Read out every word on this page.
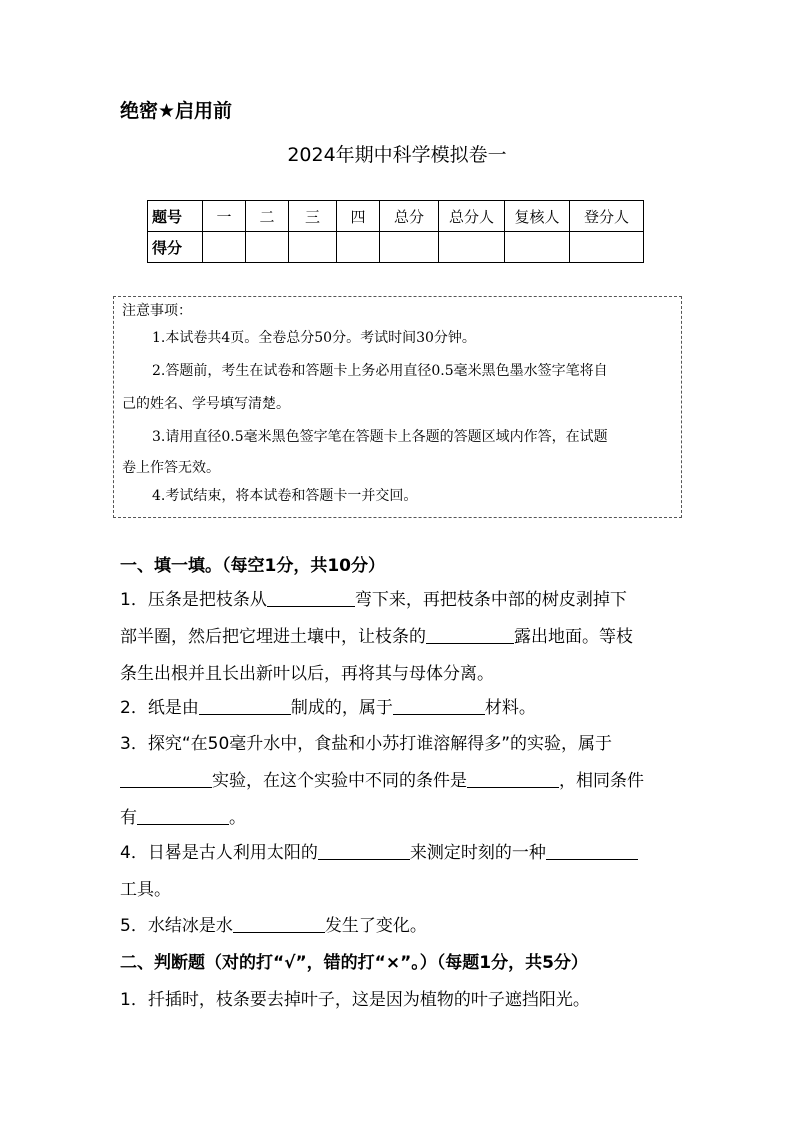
绝密★启用前
2024年期中科学模拟卷一
题号	一	二	三	四	总分	总分人	复核人	登分人
得分								
注意事项：
1.本试卷共4页。全卷总分50分。考试时间30分钟。
2.答题前，考生在试卷和答题卡上务必用直径0.5毫米黑色墨水签字笔将自
己的姓名、学号填写清楚。
3.请用直径0.5毫米黑色签字笔在答题卡上各题的答题区域内作答，在试题
卷上作答无效。
4.考试结束，将本试卷和答题卡一并交回。
一、填一填。（每空1分，共10分）
1．压条是把枝条从	弯下来，再把枝条中部的树皮剥掉下
部半圈，然后把它埋进土壤中，让枝条的	露出地面。等枝
条生出根并且长出新叶以后，再将其与母体分离。
2．纸是由	制成的，属于	材料。
3．探究“在50毫升水中，食盐和小苏打谁溶解得多”的实验，属于
实验，在这个实验中不同的条件是	，相同条件
有	。
4．日晷是古人利用太阳的	来测定时刻的一种
工具。
5．水结冰是水	发生了变化。
二、判断题（对的打“√”，错的打“×”。）（每题1分，共5分）
1．扦插时，枝条要去掉叶子，这是因为植物的叶子遮挡阳光。
